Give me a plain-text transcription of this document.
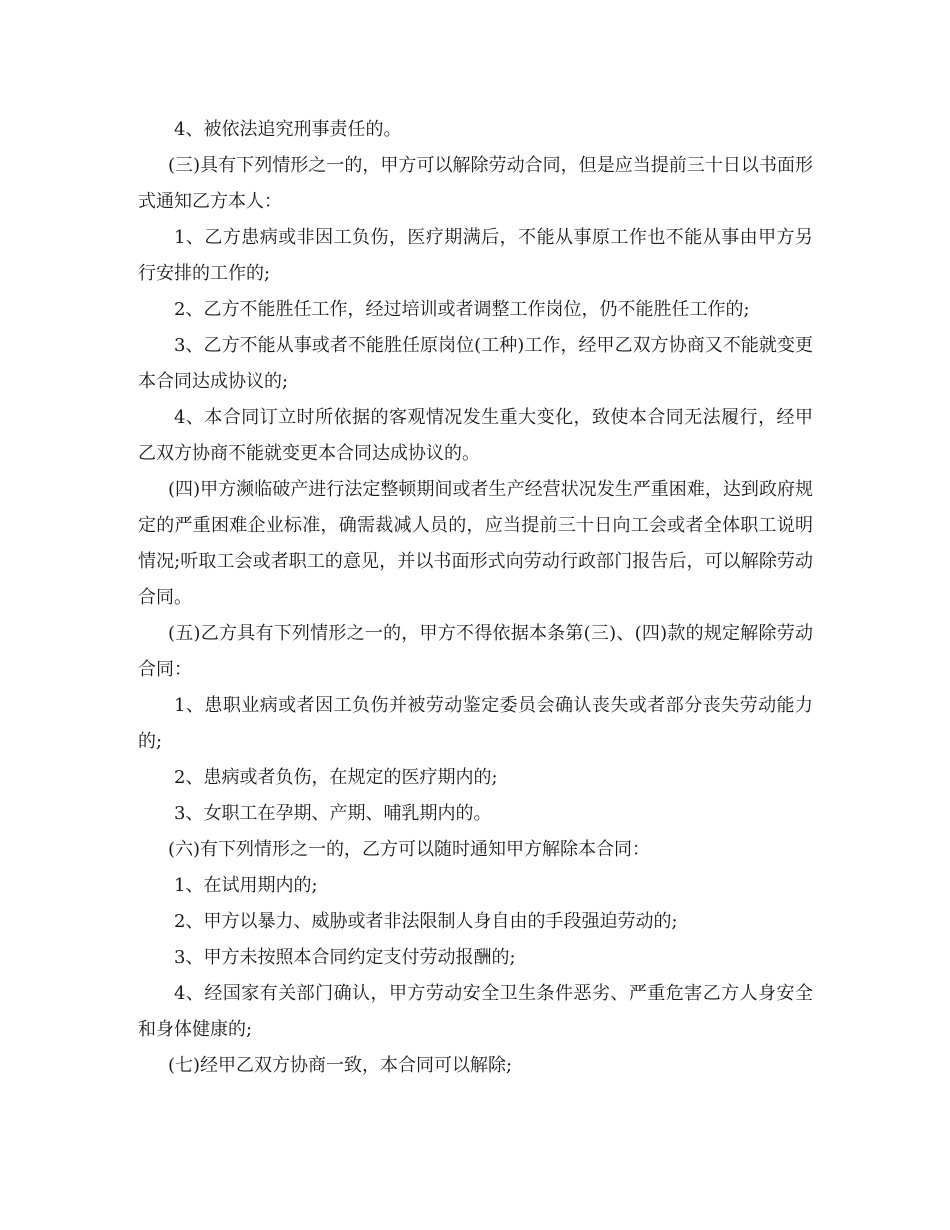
4、被依法追究刑事责任的。

(三)具有下列情形之一的，甲方可以解除劳动合同，但是应当提前三十日以书面形式通知乙方本人：

1、乙方患病或非因工负伤，医疗期满后，不能从事原工作也不能从事由甲方另行安排的工作的;

2、乙方不能胜任工作，经过培训或者调整工作岗位，仍不能胜任工作的;

3、乙方不能从事或者不能胜任原岗位(工种)工作，经甲乙双方协商又不能就变更本合同达成协议的;

4、本合同订立时所依据的客观情况发生重大变化，致使本合同无法履行，经甲乙双方协商不能就变更本合同达成协议的。

(四)甲方濒临破产进行法定整顿期间或者生产经营状况发生严重困难，达到政府规定的严重困难企业标准，确需裁减人员的，应当提前三十日向工会或者全体职工说明情况;听取工会或者职工的意见，并以书面形式向劳动行政部门报告后，可以解除劳动合同。

(五)乙方具有下列情形之一的，甲方不得依据本条第(三)、(四)款的规定解除劳动合同：

1、患职业病或者因工负伤并被劳动鉴定委员会确认丧失或者部分丧失劳动能力的;

2、患病或者负伤，在规定的医疗期内的;

3、女职工在孕期、产期、哺乳期内的。

(六)有下列情形之一的，乙方可以随时通知甲方解除本合同：

1、在试用期内的;

2、甲方以暴力、威胁或者非法限制人身自由的手段强迫劳动的;

3、甲方未按照本合同约定支付劳动报酬的;

4、经国家有关部门确认，甲方劳动安全卫生条件恶劣、严重危害乙方人身安全和身体健康的;

(七)经甲乙双方协商一致，本合同可以解除;
